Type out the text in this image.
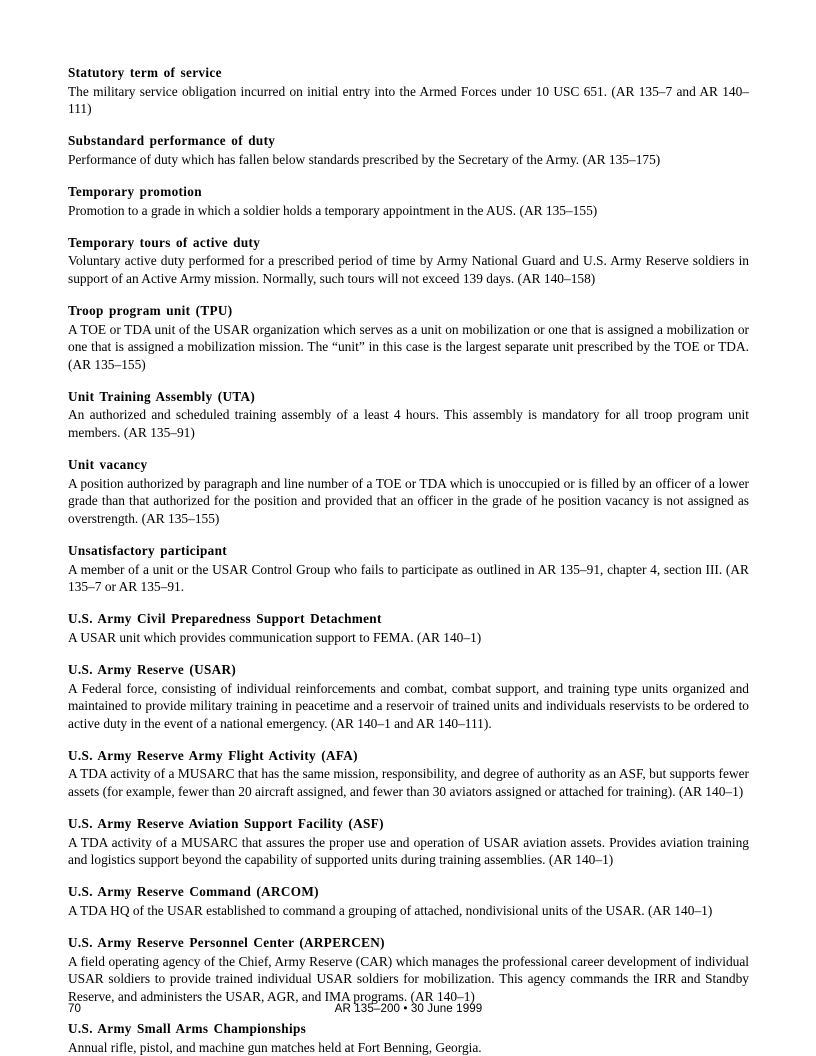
Statutory term of service

The military service obligation incurred on initial entry into the Armed Forces under 10 USC 651. (AR 135–7 and AR 140–111)

Substandard performance of duty

Performance of duty which has fallen below standards prescribed by the Secretary of the Army. (AR 135–175)

Temporary promotion

Promotion to a grade in which a soldier holds a temporary appointment in the AUS. (AR 135–155)

Temporary tours of active duty

Voluntary active duty performed for a prescribed period of time by Army National Guard and U.S. Army Reserve soldiers in support of an Active Army mission. Normally, such tours will not exceed 139 days. (AR 140–158)

Troop program unit (TPU)

A TOE or TDA unit of the USAR organization which serves as a unit on mobilization or one that is assigned a mobilization or one that is assigned a mobilization mission. The “unit” in this case is the largest separate unit prescribed by the TOE or TDA. (AR 135–155)

Unit Training Assembly (UTA)

An authorized and scheduled training assembly of a least 4 hours. This assembly is mandatory for all troop program unit members. (AR 135–91)

Unit vacancy

A position authorized by paragraph and line number of a TOE or TDA which is unoccupied or is filled by an officer of a lower grade than that authorized for the position and provided that an officer in the grade of he position vacancy is not assigned as overstrength. (AR 135–155)

Unsatisfactory participant

A member of a unit or the USAR Control Group who fails to participate as outlined in AR 135–91, chapter 4, section III. (AR 135–7 or AR 135–91.

U.S. Army Civil Preparedness Support Detachment

A USAR unit which provides communication support to FEMA. (AR 140–1)

U.S. Army Reserve (USAR)

A Federal force, consisting of individual reinforcements and combat, combat support, and training type units organized and maintained to provide military training in peacetime and a reservoir of trained units and individuals reservists to be ordered to active duty in the event of a national emergency. (AR 140–1 and AR 140–111).

U.S. Army Reserve Army Flight Activity (AFA)

A TDA activity of a MUSARC that has the same mission, responsibility, and degree of authority as an ASF, but supports fewer assets (for example, fewer than 20 aircraft assigned, and fewer than 30 aviators assigned or attached for training). (AR 140–1)

U.S. Army Reserve Aviation Support Facility (ASF)

A TDA activity of a MUSARC that assures the proper use and operation of USAR aviation assets. Provides aviation training and logistics support beyond the capability of supported units during training assemblies. (AR 140–1)

U.S. Army Reserve Command (ARCOM)

A TDA HQ of the USAR established to command a grouping of attached, nondivisional units of the USAR. (AR 140–1)

U.S. Army Reserve Personnel Center (ARPERCEN)

A field operating agency of the Chief, Army Reserve (CAR) which manages the professional career development of individual USAR soldiers to provide trained individual USAR soldiers for mobilization. This agency commands the IRR and Standby Reserve, and administers the USAR, AGR, and IMA programs. (AR 140–1)

U.S. Army Small Arms Championships

Annual rifle, pistol, and machine gun matches held at Fort Benning, Georgia.

70	AR 135–200 • 30 June 1999
